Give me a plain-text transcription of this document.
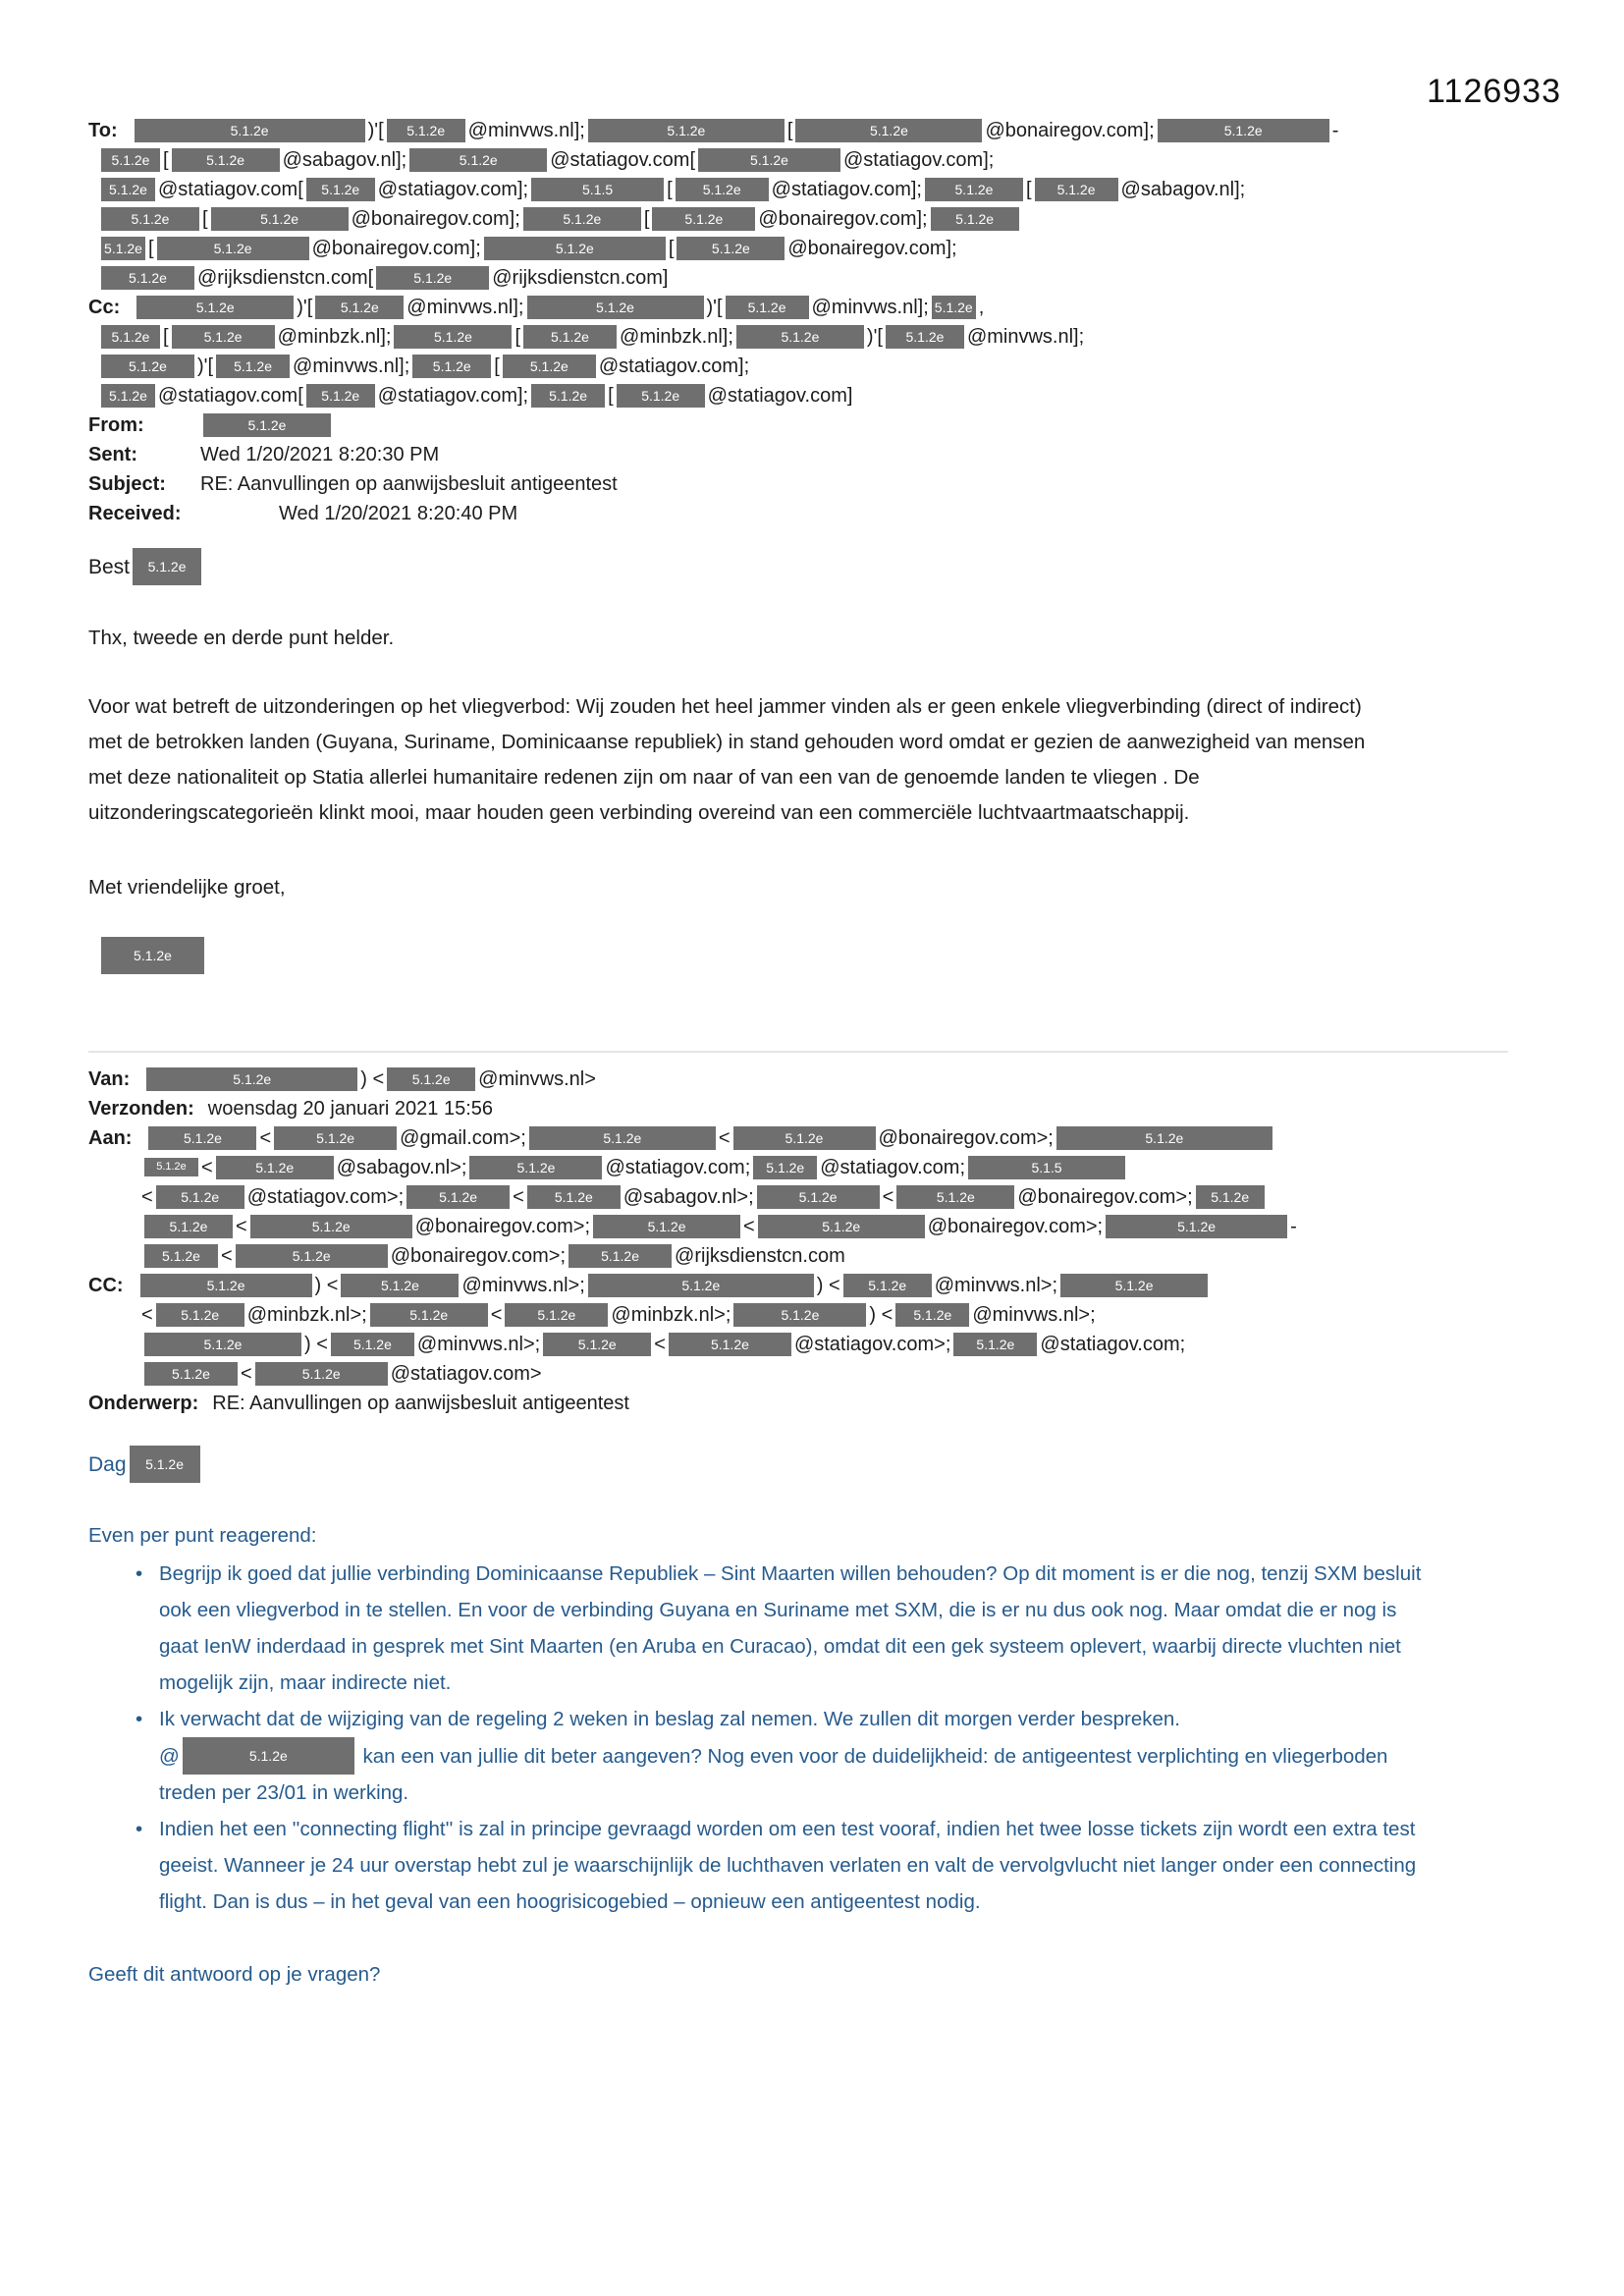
1126933
To:	5.1.2e	)'[ 5.1.2e @minvws.nl];	5.1.2e	[	5.1.2e	@bonairegov.com];	5.1.2e	-
5.1.2e [	5.1.2e @sabagov.nl];	5.1.2e	@statiagov.com[	5.1.2e	@statiagov.com];
5.1.2e @statiagov.com[ 5.1.2e @statiagov.com];	5.1.5	[ 5.1.2e @statiagov.com]; 5.1.2e [ 5.1.2e @sabagov.nl];
5.1.2e [	5.1.2e	@bonairegov.com];	5.1.2e [	5.1.2e @bonairegov.com]; 5.1.2e
5.1.2e [	5.1.2e	@bonairegov.com];	5.1.2e	[	5.1.2e @bonairegov.com];
5.1.2e @rijksdienstcn.com[	5.1.2e @rijksdienstcn.com]
Cc:	5.1.2e	)'[ 5.1.2e @minvws.nl];	5.1.2e	)'[ 5.1.2e @minvws.nl]; 5.1.2e ,
5.1.2e [	5.1.2e @minbzk.nl];	5.1.2e [ 5.1.2e @minbzk.nl];	5.1.2e )'[ 5.1.2e @minvws.nl];
5.1.2e )'[ 5.1.2e @minvws.nl]; 5.1.2e [ 5.1.2e @statiagov.com];
5.1.2e @statiagov.com[ 5.1.2e @statiagov.com]; 5.1.2e [ 5.1.2e @statiagov.com]
From:	5.1.2e
Sent:	Wed 1/20/2021 8:20:30 PM
Subject: RE: Aanvullingen op aanwijsbesluit antigeentest
Received:	Wed 1/20/2021 8:20:40 PM
Best 5.1.2e
Thx, tweede en derde punt helder.
Voor wat betreft de uitzonderingen op het vliegverbod: Wij zouden het heel jammer vinden als er geen enkele vliegverbinding (direct of indirect) met de betrokken landen (Guyana, Suriname, Dominicaanse republiek) in stand gehouden word omdat er gezien de aanwezigheid van mensen met deze nationaliteit op Statia allerlei humanitaire redenen zijn om naar of van een van de genoemde landen te vliegen . De uitzonderingscategorieën klinkt mooi, maar houden geen verbinding overeind van een commerciële luchtvaartmaatschappij.
Met vriendelijke groet,
5.1.2e
Van:	5.1.2e	) < 5.1.2e @minvws.nl>
Verzonden: woensdag 20 januari 2021 15:56
Aan:	5.1.2e <	5.1.2e @gmail.com>;	5.1.2e	<	5.1.2e	@bonairegov.com>;	5.1.2e
5.1.2e <	5.1.2e @sabagov.nl>;	5.1.2e	@statiagov.com; 5.1.2e @statiagov.com;	5.1.5
< 5.1.2e @statiagov.com>;	5.1.2e < 5.1.2e @sabagov.nl>;	5.1.2e <	5.1.2e @bonairegov.com>; 5.1.2e
5.1.2e <	5.1.2e	@bonairegov.com>;	5.1.2e	<	5.1.2e	@bonairegov.com>;	5.1.2e	-
5.1.2e <	5.1.2e	@bonairegov.com>;	5.1.2e @rijksdienstcn.com
CC:	5.1.2e	) <	5.1.2e @minvws.nl>;	5.1.2e	) < 5.1.2e @minvws.nl>;	5.1.2e
< 5.1.2e @minbzk.nl>;	5.1.2e <	5.1.2e @minbzk.nl>;	5.1.2e	) < 5.1.2e @minvws.nl>;
5.1.2e	) < 5.1.2e @minvws.nl>;	5.1.2e <	5.1.2e @statiagov.com>; 5.1.2e @statiagov.com;
5.1.2e <	5.1.2e	@statiagov.com>
Onderwerp: RE: Aanvullingen op aanwijsbesluit antigeentest
Dag 5.1.2e
Even per punt reagerend:
• Begrijp ik goed dat jullie verbinding Dominicaanse Republiek – Sint Maarten willen behouden? Op dit moment is er die nog, tenzij SXM besluit ook een vliegverbod in te stellen. En voor de verbinding Guyana en Suriname met SXM, die is er nu dus ook nog. Maar omdat die er nog is gaat IenW inderdaad in gesprek met Sint Maarten (en Aruba en Curacao), omdat dit een gek systeem oplevert, waarbij directe vluchten niet mogelijk zijn, maar indirecte niet.
• Ik verwacht dat de wijziging van de regeling 2 weken in beslag zal nemen. We zullen dit morgen verder bespreken.
@	5.1.2e	kan een van jullie dit beter aangeven? Nog even voor de duidelijkheid: de antigeentest verplichting en vliegerboden treden per 23/01 in werking.
• Indien het een ''connecting flight'' is zal in principe gevraagd worden om een test vooraf, indien het twee losse tickets zijn wordt een extra test geeist. Wanneer je 24 uur overstap hebt zul je waarschijnlijk de luchthaven verlaten en valt de vervolgvlucht niet langer onder een connecting flight. Dan is dus – in het geval van een hoogrisicogebied – opnieuw een antigeentest nodig.
Geeft dit antwoord op je vragen?
